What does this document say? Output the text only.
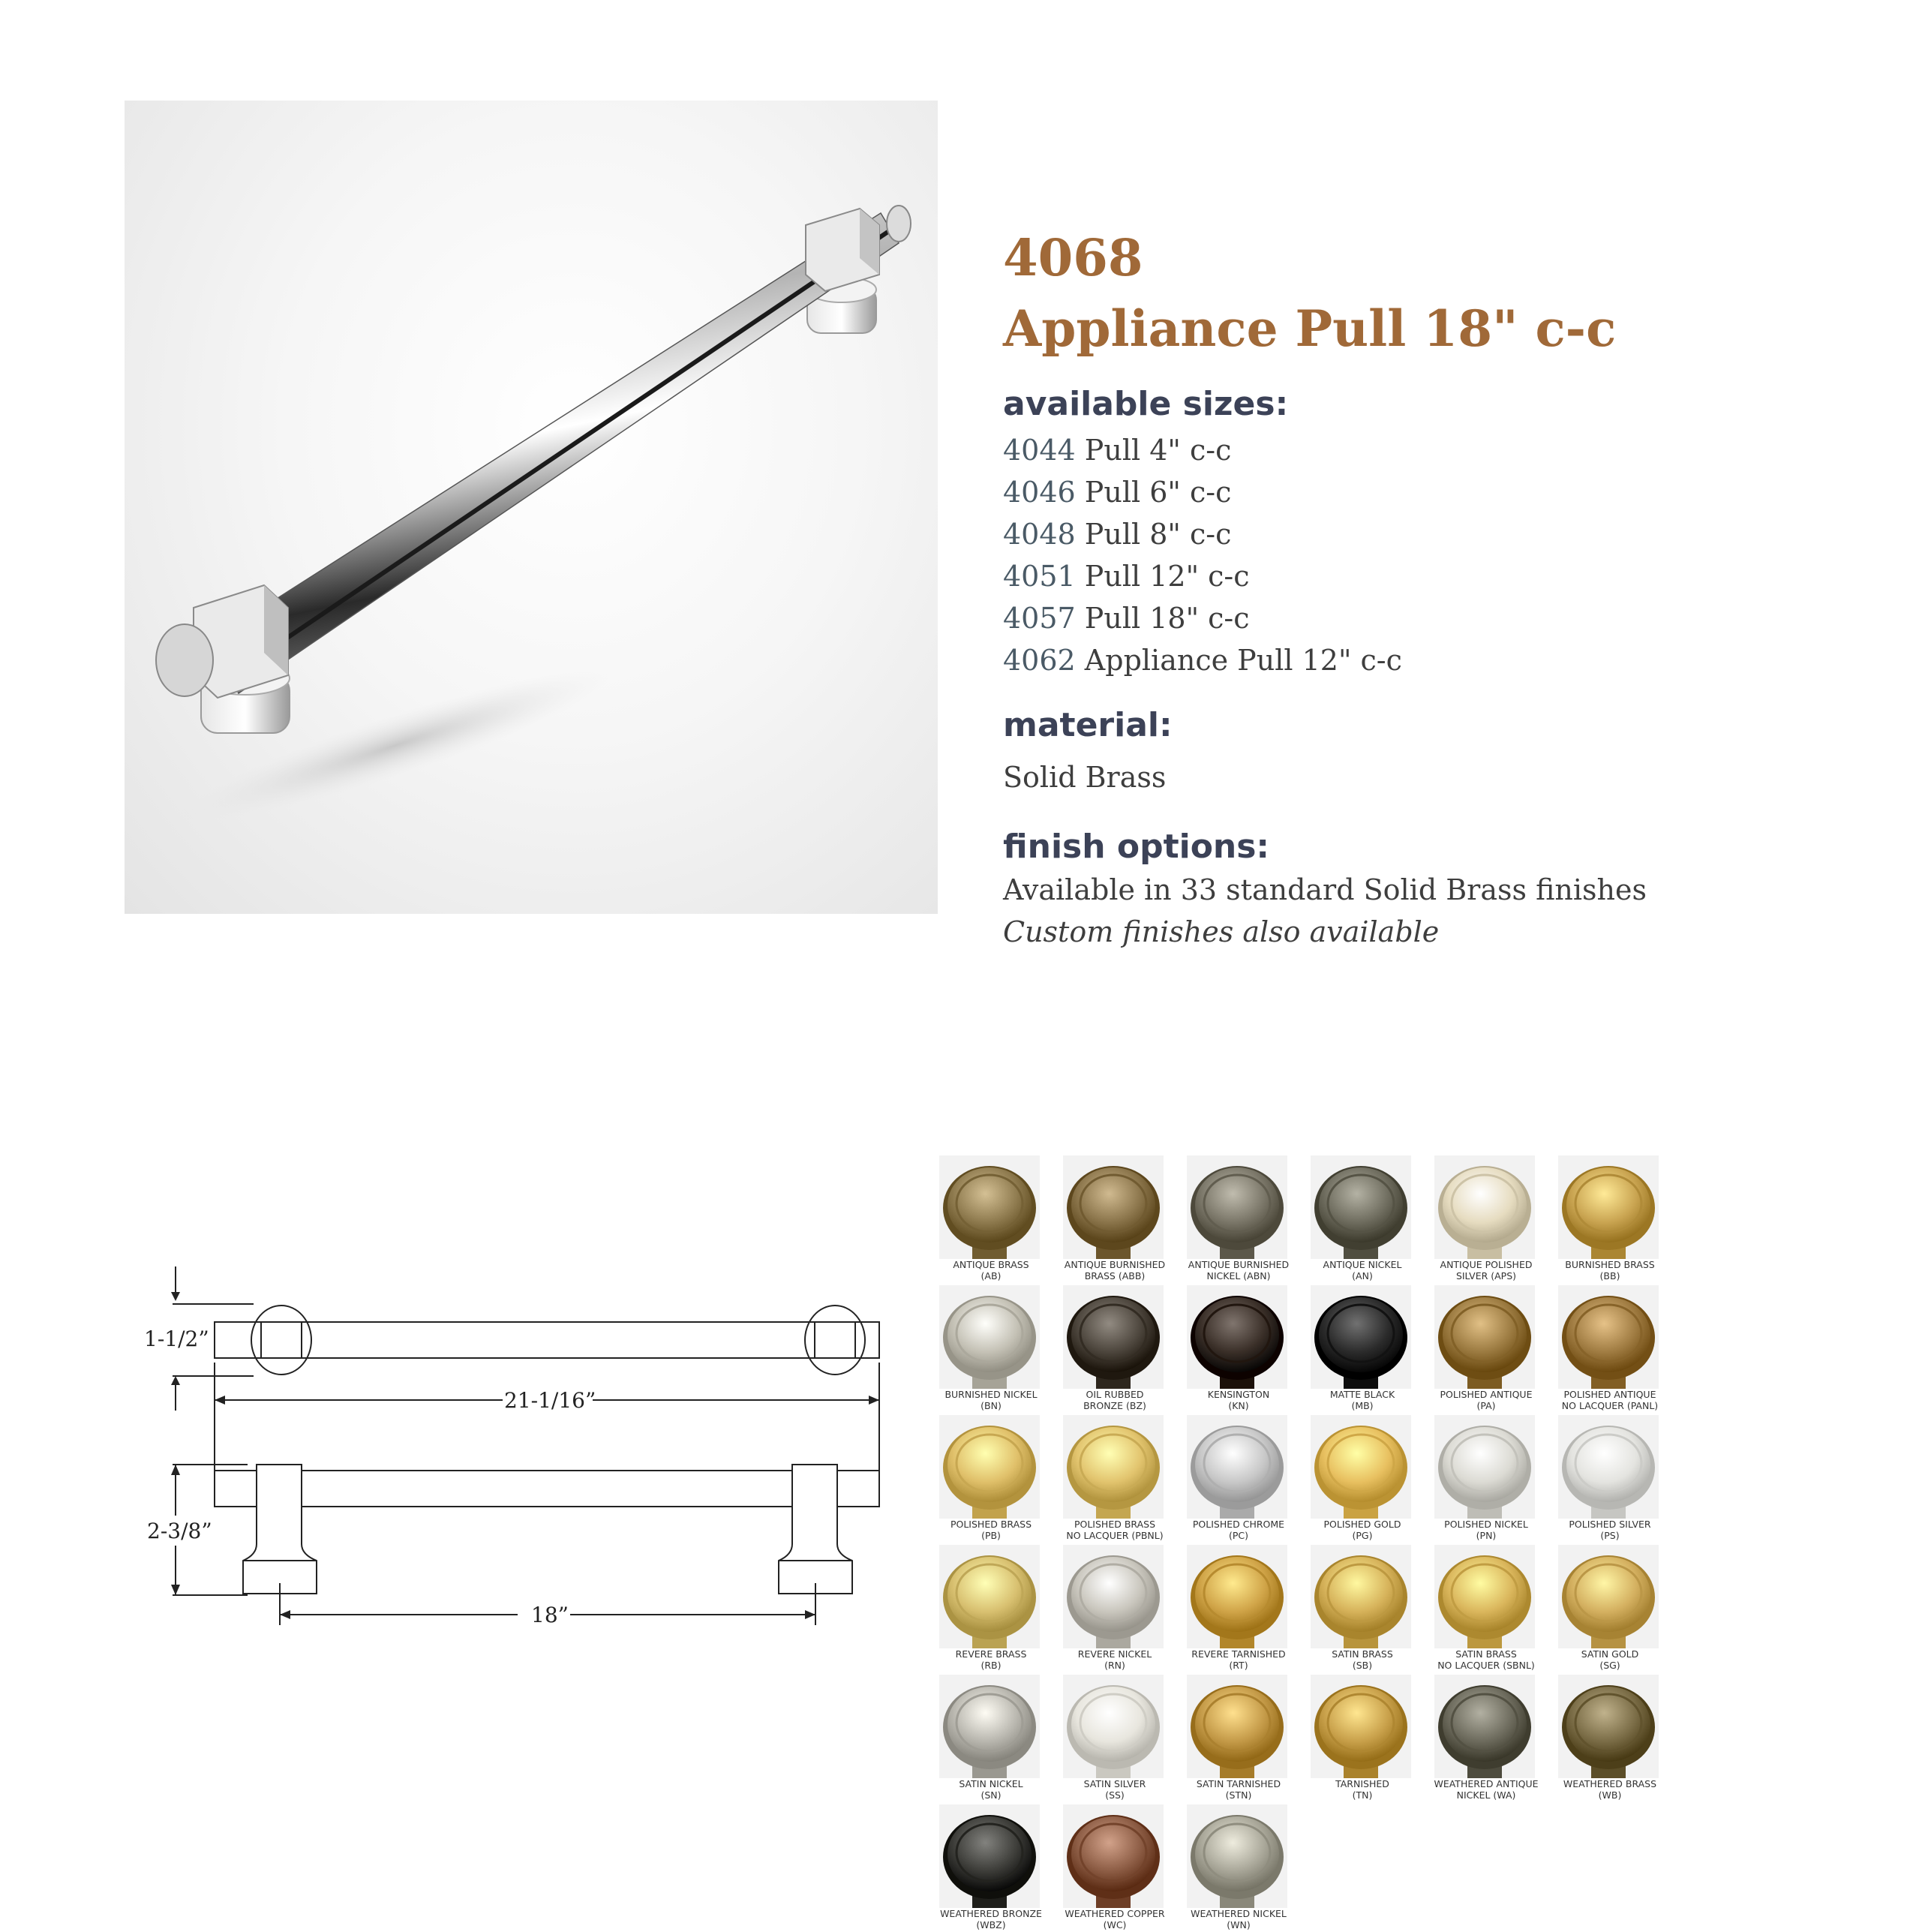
4068
Appliance Pull 18" c-c
available sizes:
4044 Pull 4" c-c
4046 Pull 6" c-c
4048 Pull 8" c-c
4051 Pull 12" c-c
4057 Pull 18" c-c
4062 Appliance Pull 12" c-c
material:
Solid Brass
finish options:
Available in 33 standard Solid Brass finishes
Custom finishes also available
1-1/2”
21-1/16”
2-3/8”
18”
ANTIQUE BRASS
(AB)
ANTIQUE BURNISHED
BRASS (ABB)
ANTIQUE BURNISHED
NICKEL (ABN)
ANTIQUE NICKEL
(AN)
ANTIQUE POLISHED
SILVER (APS)
BURNISHED BRASS
(BB)
BURNISHED NICKEL
(BN)
OIL RUBBED
BRONZE (BZ)
KENSINGTON
(KN)
MATTE BLACK
(MB)
POLISHED ANTIQUE
(PA)
POLISHED ANTIQUE
NO LACQUER (PANL)
POLISHED BRASS
(PB)
POLISHED BRASS
NO LACQUER (PBNL)
POLISHED CHROME
(PC)
POLISHED GOLD
(PG)
POLISHED NICKEL
(PN)
POLISHED SILVER
(PS)
REVERE BRASS
(RB)
REVERE NICKEL
(RN)
REVERE TARNISHED
(RT)
SATIN BRASS
(SB)
SATIN BRASS
NO LACQUER (SBNL)
SATIN GOLD
(SG)
SATIN NICKEL
(SN)
SATIN SILVER
(SS)
SATIN TARNISHED
(STN)
TARNISHED
(TN)
WEATHERED ANTIQUE
NICKEL (WA)
WEATHERED BRASS
(WB)
WEATHERED BRONZE
(WBZ)
WEATHERED COPPER
(WC)
WEATHERED NICKEL
(WN)
